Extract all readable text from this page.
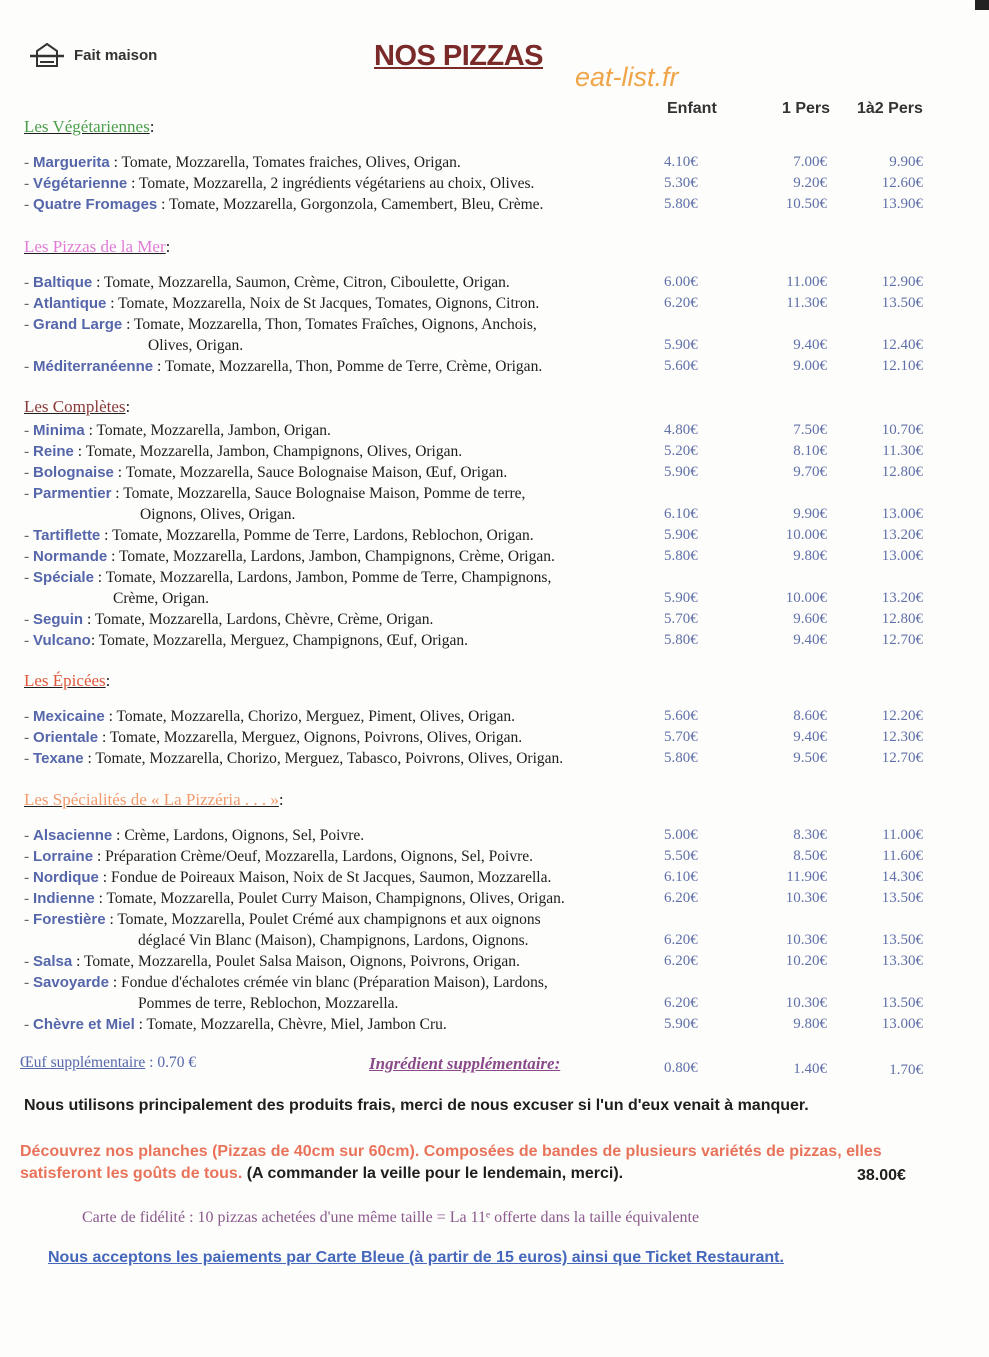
Fait maison	NOS PIZZAS
eat-list.fr
Enfant	1 Pers 1à2 Pers
Les Végétariennes:
- Marguerita : Tomate, Mozzarella, Tomates fraiches, Olives, Origan.	4.10€	7.00€	9.90€
- Végétarienne : Tomate, Mozzarella, 2 ingrédients végétariens au choix, Olives.	5.30€	9.20€	12.60€
- Quatre Fromages : Tomate, Mozzarella, Gorgonzola, Camembert, Bleu, Crème.	5.80€	10.50€	13.90€
Les Pizzas de la Mer:
- Baltique : Tomate, Mozzarella, Saumon, Crème, Citron, Ciboulette, Origan.	6.00€	11.00€	12.90€
- Atlantique : Tomate, Mozzarella, Noix de St Jacques, Tomates, Oignons, Citron.	6.20€	11.30€	13.50€
- Grand Large : Tomate, Mozzarella, Thon, Tomates Fraîches, Oignons, Anchois,
Olives, Origan.	5.90€	9.40€	12.40€
- Méditerranéenne : Tomate, Mozzarella, Thon, Pomme de Terre, Crème, Origan.	5.60€	9.00€	12.10€
Les Complètes:
- Minima : Tomate, Mozzarella, Jambon, Origan.	4.80€	7.50€	10.70€
- Reine : Tomate, Mozzarella, Jambon, Champignons, Olives, Origan.	5.20€	8.10€	11.30€
- Bolognaise : Tomate, Mozzarella, Sauce Bolognaise Maison, Œuf, Origan.	5.90€	9.70€	12.80€
- Parmentier : Tomate, Mozzarella, Sauce Bolognaise Maison, Pomme de terre,
Oignons, Olives, Origan.	6.10€	9.90€	13.00€
- Tartiflette : Tomate, Mozzarella, Pomme de Terre, Lardons, Reblochon, Origan.	5.90€	10.00€	13.20€
- Normande : Tomate, Mozzarella, Lardons, Jambon, Champignons, Crème, Origan.	5.80€	9.80€	13.00€
- Spéciale : Tomate, Mozzarella, Lardons, Jambon, Pomme de Terre, Champignons,
Crème, Origan.	5.90€	10.00€	13.20€
- Seguin : Tomate, Mozzarella, Lardons, Chèvre, Crème, Origan.	5.70€	9.60€	12.80€
- Vulcano: Tomate, Mozzarella, Merguez, Champignons, Œuf, Origan.	5.80€	9.40€	12.70€
Les Épicées:
- Mexicaine : Tomate, Mozzarella, Chorizo, Merguez, Piment, Olives, Origan.	5.60€	8.60€	12.20€
- Orientale : Tomate, Mozzarella, Merguez, Oignons, Poivrons, Olives, Origan.	5.70€	9.40€	12.30€
- Texane : Tomate, Mozzarella, Chorizo, Merguez, Tabasco, Poivrons, Olives, Origan.	5.80€	9.50€	12.70€
Les Spécialités de « La Pizzéria . . . »:
- Alsacienne : Crème, Lardons, Oignons, Sel, Poivre.	5.00€	8.30€	11.00€
- Lorraine : Préparation Crème/Oeuf, Mozzarella, Lardons, Oignons, Sel, Poivre.	5.50€	8.50€	11.60€
- Nordique : Fondue de Poireaux Maison, Noix de St Jacques, Saumon, Mozzarella.	6.10€	11.90€	14.30€
- Indienne : Tomate, Mozzarella, Poulet Curry Maison, Champignons, Olives, Origan.	6.20€	10.30€	13.50€
- Forestière : Tomate, Mozzarella, Poulet Crémé aux champignons et aux oignons
déglacé Vin Blanc (Maison), Champignons, Lardons, Oignons.	6.20€	10.30€	13.50€
- Salsa : Tomate, Mozzarella, Poulet Salsa Maison, Oignons, Poivrons, Origan.	6.20€	10.20€	13.30€
- Savoyarde : Fondue d'échalotes crémée vin blanc (Préparation Maison), Lardons,
Pommes de terre, Reblochon, Mozzarella.	6.20€	10.30€	13.50€
- Chèvre et Miel : Tomate, Mozzarella, Chèvre, Miel, Jambon Cru.	5.90€	9.80€	13.00€
Œuf supplémentaire : 0.70 €	Ingrédient supplémentaire:	0.80€	1.40€	1.70€
Nous utilisons principalement des produits frais, merci de nous excuser si l'un d'eux venait à manquer.
Découvrez nos planches (Pizzas de 40cm sur 60cm). Composées de bandes de plusieurs variétés de pizzas, elles satisferont les goûts de tous. (A commander la veille pour le lendemain, merci).	38.00€
Carte de fidélité : 10 pizzas achetées d'une même taille = La 11ᵉ offerte dans la taille équivalente
Nous acceptons les paiements par Carte Bleue (à partir de 15 euros) ainsi que Ticket Restaurant.
